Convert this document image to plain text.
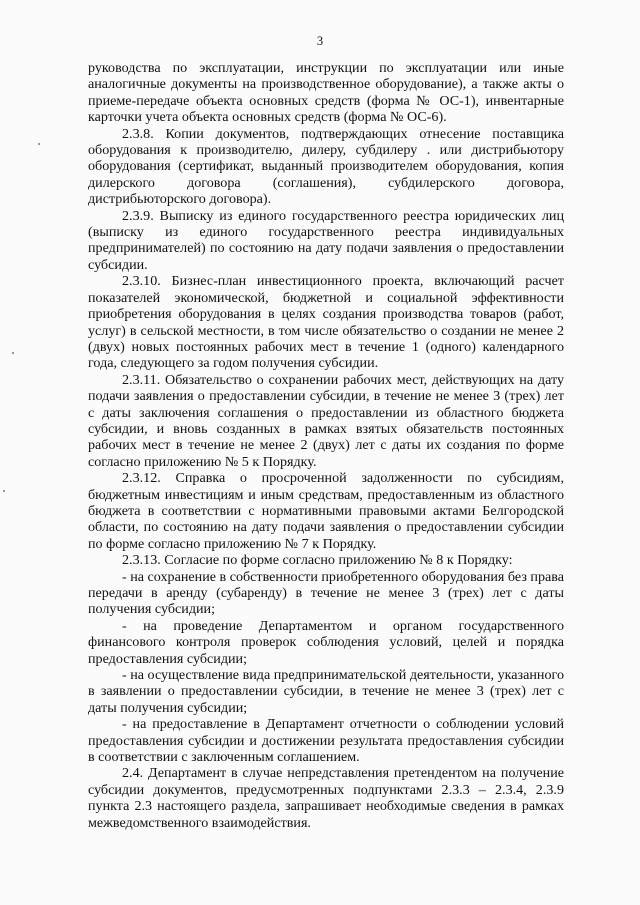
3

руководства по эксплуатации, инструкции по эксплуатации или иные аналогичные документы на производственное оборудование), а также акты о приеме-передаче объекта основных средств (форма № ОС-1), инвентарные карточки учета объекта основных средств (форма № ОС-6).

2.3.8. Копии документов, подтверждающих отнесение поставщика оборудования к производителю, дилеру, субдилеру . или дистрибьютору оборудования (сертификат, выданный производителем оборудования, копия дилерского договора (соглашения), субдилерского договора, дистрибьюторского договора).

2.3.9. Выписку из единого государственного реестра юридических лиц (выписку из единого государственного реестра индивидуальных предпринимателей) по состоянию на дату подачи заявления о предоставлении субсидии.

2.3.10. Бизнес-план инвестиционного проекта, включающий расчет показателей экономической, бюджетной и социальной эффективности приобретения оборудования в целях создания производства товаров (работ, услуг) в сельской местности, в том числе обязательство о создании не менее 2 (двух) новых постоянных рабочих мест в течение 1 (одного) календарного года, следующего за годом получения субсидии.

2.3.11. Обязательство о сохранении рабочих мест, действующих на дату подачи заявления о предоставлении субсидии, в течение не менее 3 (трех) лет с даты заключения соглашения о предоставлении из областного бюджета субсидии, и вновь созданных в рамках взятых обязательств постоянных рабочих мест в течение не менее 2 (двух) лет с даты их создания по форме согласно приложению № 5 к Порядку.

2.3.12. Справка о просроченной задолженности по субсидиям, бюджетным инвестициям и иным средствам, предоставленным из областного бюджета в соответствии с нормативными правовыми актами Белгородской области, по состоянию на дату подачи заявления о предоставлении субсидии по форме согласно приложению № 7 к Порядку.

2.3.13. Согласие по форме согласно приложению № 8 к Порядку:

- на сохранение в собственности приобретенного оборудования без права передачи в аренду (субаренду) в течение не менее 3 (трех) лет с даты получения субсидии;

- на проведение Департаментом и органом государственного финансового контроля проверок соблюдения условий, целей и порядка предоставления субсидии;

- на осуществление вида предпринимательской деятельности, указанного в заявлении о предоставлении субсидии, в течение не менее 3 (трех) лет с даты получения субсидии;

- на предоставление в Департамент отчетности о соблюдении условий предоставления субсидии и достижении результата предоставления субсидии в соответствии с заключенным соглашением.

2.4. Департамент в случае непредставления претендентом на получение субсидии документов, предусмотренных подпунктами 2.3.3 – 2.3.4, 2.3.9 пункта 2.3 настоящего раздела, запрашивает необходимые сведения в рамках межведомственного взаимодействия.
